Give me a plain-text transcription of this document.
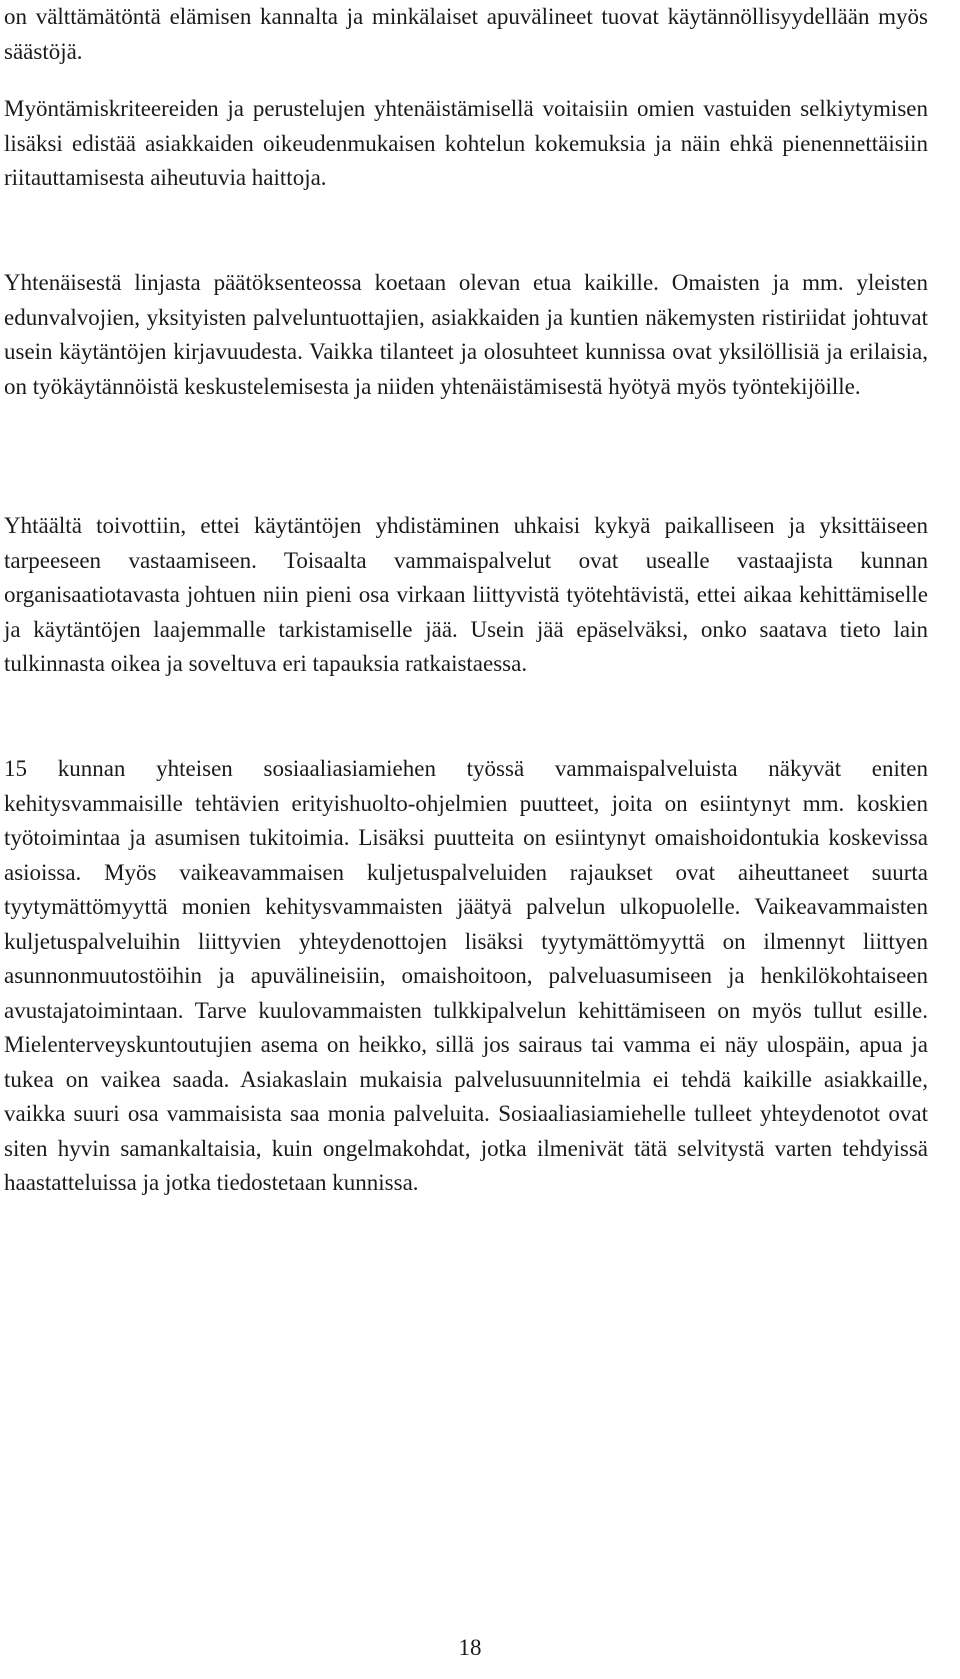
on välttämätöntä elämisen kannalta ja minkälaiset apuvälineet tuovat käytännöllisyydellään myös säästöjä.

Myöntämiskriteereiden ja perustelujen yhtenäistämisellä voitaisiin omien vastuiden selkiytymisen lisäksi edistää asiakkaiden oikeudenmukaisen kohtelun kokemuksia ja näin ehkä pienennettäisiin riitauttamisesta aiheutuvia haittoja.

Yhtenäisestä linjasta päätöksenteossa koetaan olevan etua kaikille. Omaisten ja mm. yleisten edunvalvojien, yksityisten palveluntuottajien, asiakkaiden ja kuntien näkemysten ristiriidat johtuvat usein käytäntöjen kirjavuudesta. Vaikka tilanteet ja olosuhteet kunnissa ovat yksilöllisiä ja erilaisia, on työkäytännöistä keskustelemisesta ja niiden yhtenäistämisestä hyötyä myös työntekijöille.

Yhtäältä toivottiin, ettei käytäntöjen yhdistäminen uhkaisi kykyä paikalliseen ja yksittäiseen tarpeeseen vastaamiseen. Toisaalta vammaispalvelut ovat usealle vastaajista kunnan organisaatiotavasta johtuen niin pieni osa virkaan liittyvistä työtehtävistä, ettei aikaa kehittämiselle ja käytäntöjen laajemmalle tarkistamiselle jää. Usein jää epäselväksi, onko saatava tieto lain tulkinnasta oikea ja soveltuva eri tapauksia ratkaistaessa.

15 kunnan yhteisen sosiaaliasiamiehen työssä vammaispalveluista näkyvät eniten kehitysvammaisille tehtävien erityishuolto-ohjelmien puutteet, joita on esiintynyt mm. koskien työtoimintaa ja asumisen tukitoimia. Lisäksi puutteita on esiintynyt omaishoidontukia koskevissa asioissa. Myös vaikeavammaisen kuljetuspalveluiden rajaukset ovat aiheuttaneet suurta tyytymättömyyttä monien kehitysvammaisten jäätyä palvelun ulkopuolelle. Vaikeavammaisten kuljetuspalveluihin liittyvien yhteydenottojen lisäksi tyytymättömyyttä on ilmennyt liittyen asunnonmuutostöihin ja apuvälineisiin, omaishoitoon, palveluasumiseen ja henkilökohtaiseen avustajatoimintaan. Tarve kuulovammaisten tulkkipalvelun kehittämiseen on myös tullut esille. Mielenterveyskuntoutujien asema on heikko, sillä jos sairaus tai vamma ei näy ulospäin, apua ja tukea on vaikea saada. Asiakaslain mukaisia palvelusuunnitelmia ei tehdä kaikille asiakkaille, vaikka suuri osa vammaisista saa monia palveluita. Sosiaaliasiamiehelle tulleet yhteydenotot ovat siten hyvin samankaltaisia, kuin ongelmakohdat, jotka ilmenivät tätä selvitystä varten tehdyissä haastatteluissa ja jotka tiedostetaan kunnissa.

18
